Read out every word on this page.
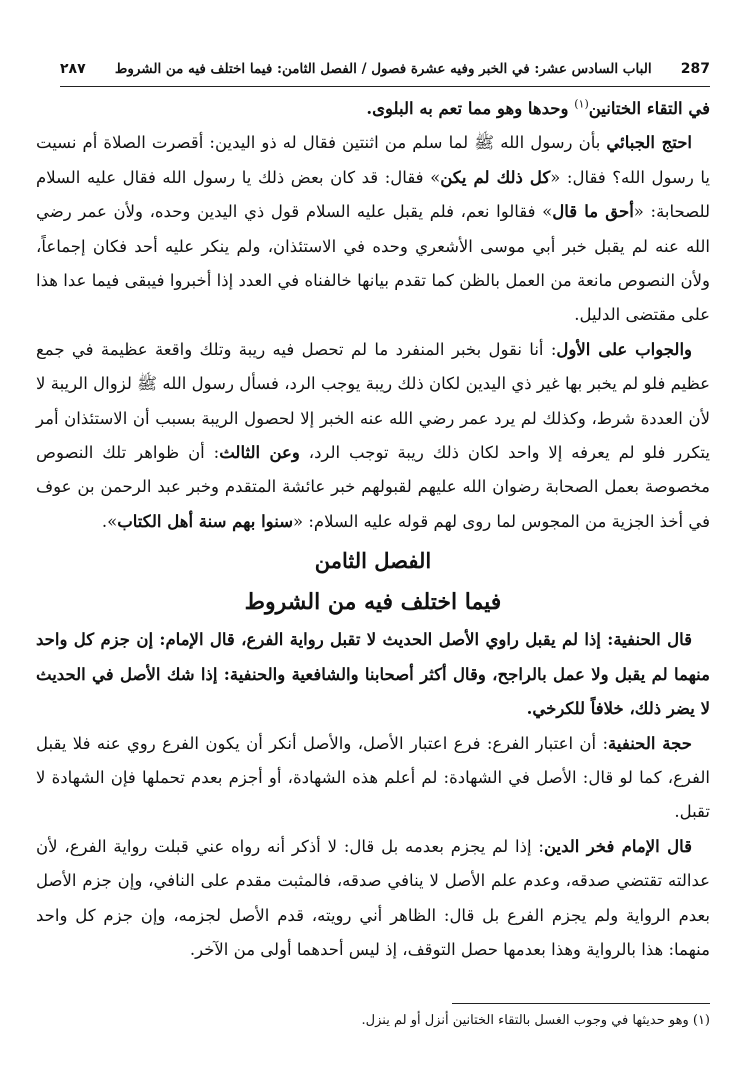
٢٨٧ الباب السادس عشر: في الخبر وفيه عشرة فصول / الفصل الثامن: فيما اختلف فيه من الشروط 287

في التقاء الختانين$^{(١)}$ وحدها وهو مما تعم به البلوى.

احتج الجبائي بأن رسول الله ﷺ لما سلم من اثنتين فقال له ذو اليدين: أقصرت الصلاة أم نسيت يا رسول الله؟ فقال: «كل ذلك لم يكن» فقال: قد كان بعض ذلك يا رسول الله فقال عليه السلام للصحابة: «أحق ما قال» فقالوا نعم، فلم يقبل عليه السلام قول ذي اليدين وحده، ولأن عمر رضي الله عنه لم يقبل خبر أبي موسى الأشعري وحده في الاستئذان، ولم ينكر عليه أحد فكان إجماعاً، ولأن النصوص مانعة من العمل بالظن كما تقدم بيانها خالفناه في العدد إذا أخبروا فيبقى فيما عدا هذا على مقتضى الدليل.

والجواب على الأول: أنا نقول بخبر المنفرد ما لم تحصل فيه ريبة وتلك واقعة عظيمة في جمع عظيم فلو لم يخبر بها غير ذي اليدين لكان ذلك ريبة يوجب الرد، فسأل رسول الله ﷺ لزوال الريبة لا لأن العددة شرط، وكذلك لم يرد عمر رضي الله عنه الخبر إلا لحصول الريبة بسبب أن الاستئذان أمر يتكرر فلو لم يعرفه إلا واحد لكان ذلك ريبة توجب الرد، وعن الثالث: أن ظواهر تلك النصوص مخصوصة بعمل الصحابة رضوان الله عليهم لقبولهم خبر عائشة المتقدم وخبر عبد الرحمن بن عوف في أخذ الجزية من المجوس لما روى لهم قوله عليه السلام: «سنوا بهم سنة أهل الكتاب».

الفصل الثامن
فيما اختلف فيه من الشروط

قال الحنفية: إذا لم يقبل راوي الأصل الحديث لا تقبل رواية الفرع، قال الإمام: إن جزم كل واحد منهما لم يقبل ولا عمل بالراجح، وقال أكثر أصحابنا والشافعية والحنفية: إذا شك الأصل في الحديث لا يضر ذلك، خلافاً للكرخي.

حجة الحنفية: أن اعتبار الفرع: فرع اعتبار الأصل، والأصل أنكر أن يكون الفرع روي عنه فلا يقبل الفرع، كما لو قال: الأصل في الشهادة: لم أعلم هذه الشهادة، أو أجزم بعدم تحملها فإن الشهادة لا تقبل.

قال الإمام فخر الدين: إذا لم يجزم بعدمه بل قال: لا أذكر أنه رواه عني قبلت رواية الفرع، لأن عدالته تقتضي صدقه، وعدم علم الأصل لا ينافي صدقه، فالمثبت مقدم على النافي، وإن جزم الأصل بعدم الرواية ولم يجزم الفرع بل قال: الظاهر أني رويته، قدم الأصل لجزمه، وإن جزم كل واحد منهما: هذا بالرواية وهذا بعدمها حصل التوقف، إذ ليس أحدهما أولى من الآخر.

(١) وهو حديثها في وجوب الغسل بالتقاء الختانين أنزل أو لم ينزل.
